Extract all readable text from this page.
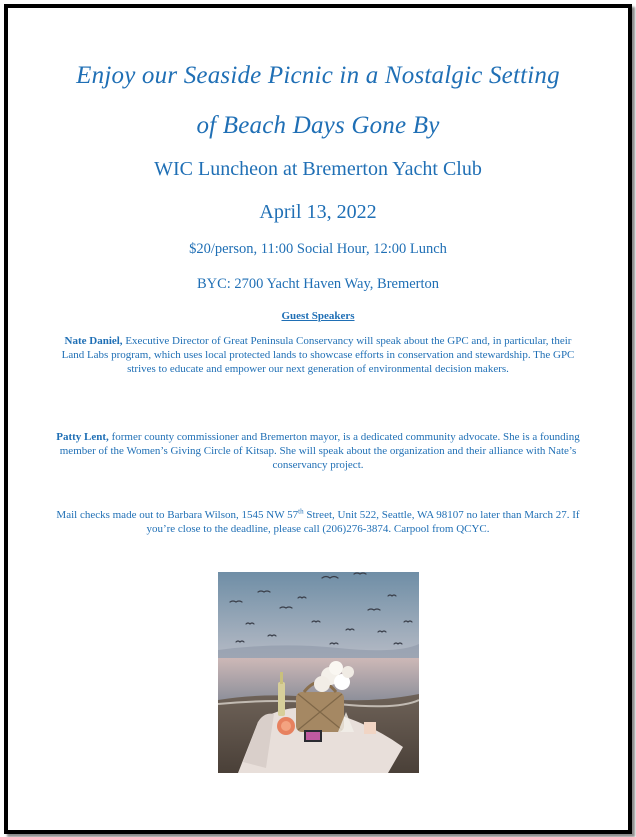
Enjoy our Seaside Picnic in a Nostalgic Setting
of Beach Days Gone By
WIC Luncheon at Bremerton Yacht Club
April 13, 2022
$20/person, 11:00 Social Hour, 12:00 Lunch
BYC: 2700 Yacht Haven Way, Bremerton
Guest Speakers
Nate Daniel, Executive Director of Great Peninsula Conservancy will speak about the GPC and, in particular, their Land Labs program, which uses local protected lands to showcase efforts in conservation and stewardship. The GPC strives to educate and empower our next generation of environmental decision makers.
Patty Lent, former county commissioner and Bremerton mayor, is a dedicated community advocate. She is a founding member of the Women’s Giving Circle of Kitsap. She will speak about the organization and their alliance with Nate’s conservancy project.
Mail checks made out to Barbara Wilson, 1545 NW 57th Street, Unit 522, Seattle, WA 98107 no later than March 27. If you’re close to the deadline, please call (206)276-3874. Carpool from QCYC.
